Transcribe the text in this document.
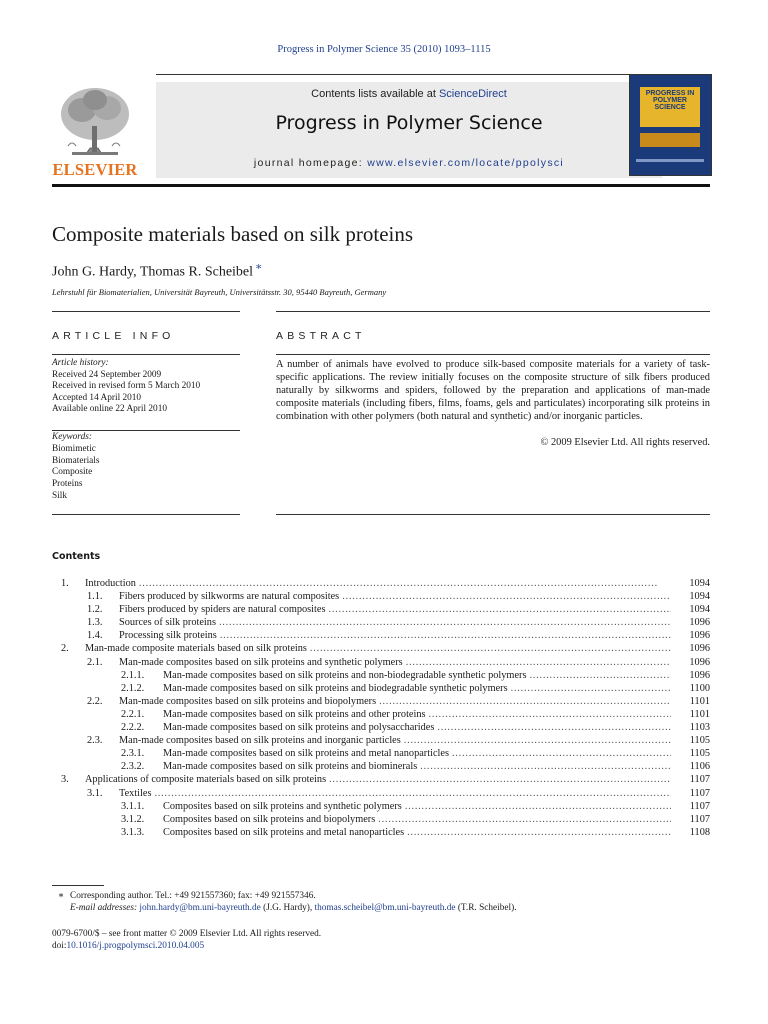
Progress in Polymer Science 35 (2010) 1093–1115
ELSEVIER
Contents lists available at ScienceDirect
Progress in Polymer Science
journal homepage: www.elsevier.com/locate/ppolysci
PROGRESS IN POLYMER SCIENCE
Composite materials based on silk proteins
John G. Hardy, Thomas R. Scheibel ∗
Lehrstuhl für Biomaterialien, Universität Bayreuth, Universitätsstr. 30, 95440 Bayreuth, Germany
ARTICLE INFO	ABSTRACT
Article history:
Received 24 September 2009
Received in revised form 5 March 2010
Accepted 14 April 2010
Available online 22 April 2010
Keywords:
Biomimetic
Biomaterials
Composite
Proteins
Silk
A number of animals have evolved to produce silk-based composite materials for a variety of task-specific applications. The review initially focuses on the composite structure of silk fibers produced naturally by silkworms and spiders, followed by the preparation and applications of man-made composite materials (including fibers, films, foams, gels and particulates) incorporating silk proteins in combination with other polymers (both natural and synthetic) and/or inorganic particles.
© 2009 Elsevier Ltd. All rights reserved.
Contents
1.	Introduction . . .	1094
1.1.	Fibers produced by silkworms are natural composites . . .	1094
1.2.	Fibers produced by spiders are natural composites . . .	1094
1.3.	Sources of silk proteins . . .	1096
1.4.	Processing silk proteins . . .	1096
2.	Man-made composite materials based on silk proteins . . .	1096
2.1.	Man-made composites based on silk proteins and synthetic polymers . . .	1096
2.1.1.	Man-made composites based on silk proteins and non-biodegradable synthetic polymers . . .	1096
2.1.2.	Man-made composites based on silk proteins and biodegradable synthetic polymers . . .	1100
2.2.	Man-made composites based on silk proteins and biopolymers . . .	1101
2.2.1.	Man-made composites based on silk proteins and other proteins . . .	1101
2.2.2.	Man-made composites based on silk proteins and polysaccharides . . .	1103
2.3.	Man-made composites based on silk proteins and inorganic particles . . .	1105
2.3.1.	Man-made composites based on silk proteins and metal nanoparticles . . .	1105
2.3.2.	Man-made composites based on silk proteins and biominerals . . .	1106
3.	Applications of composite materials based on silk proteins . . .	1107
3.1.	Textiles . . .	1107
3.1.1.	Composites based on silk proteins and synthetic polymers . . .	1107
3.1.2.	Composites based on silk proteins and biopolymers . . .	1107
3.1.3.	Composites based on silk proteins and metal nanoparticles . . .	1108
∗ Corresponding author. Tel.: +49 921557360; fax: +49 921557346.
E-mail addresses: john.hardy@bm.uni-bayreuth.de (J.G. Hardy), thomas.scheibel@bm.uni-bayreuth.de (T.R. Scheibel).
0079-6700/$ – see front matter © 2009 Elsevier Ltd. All rights reserved.
doi:10.1016/j.progpolymsci.2010.04.005
